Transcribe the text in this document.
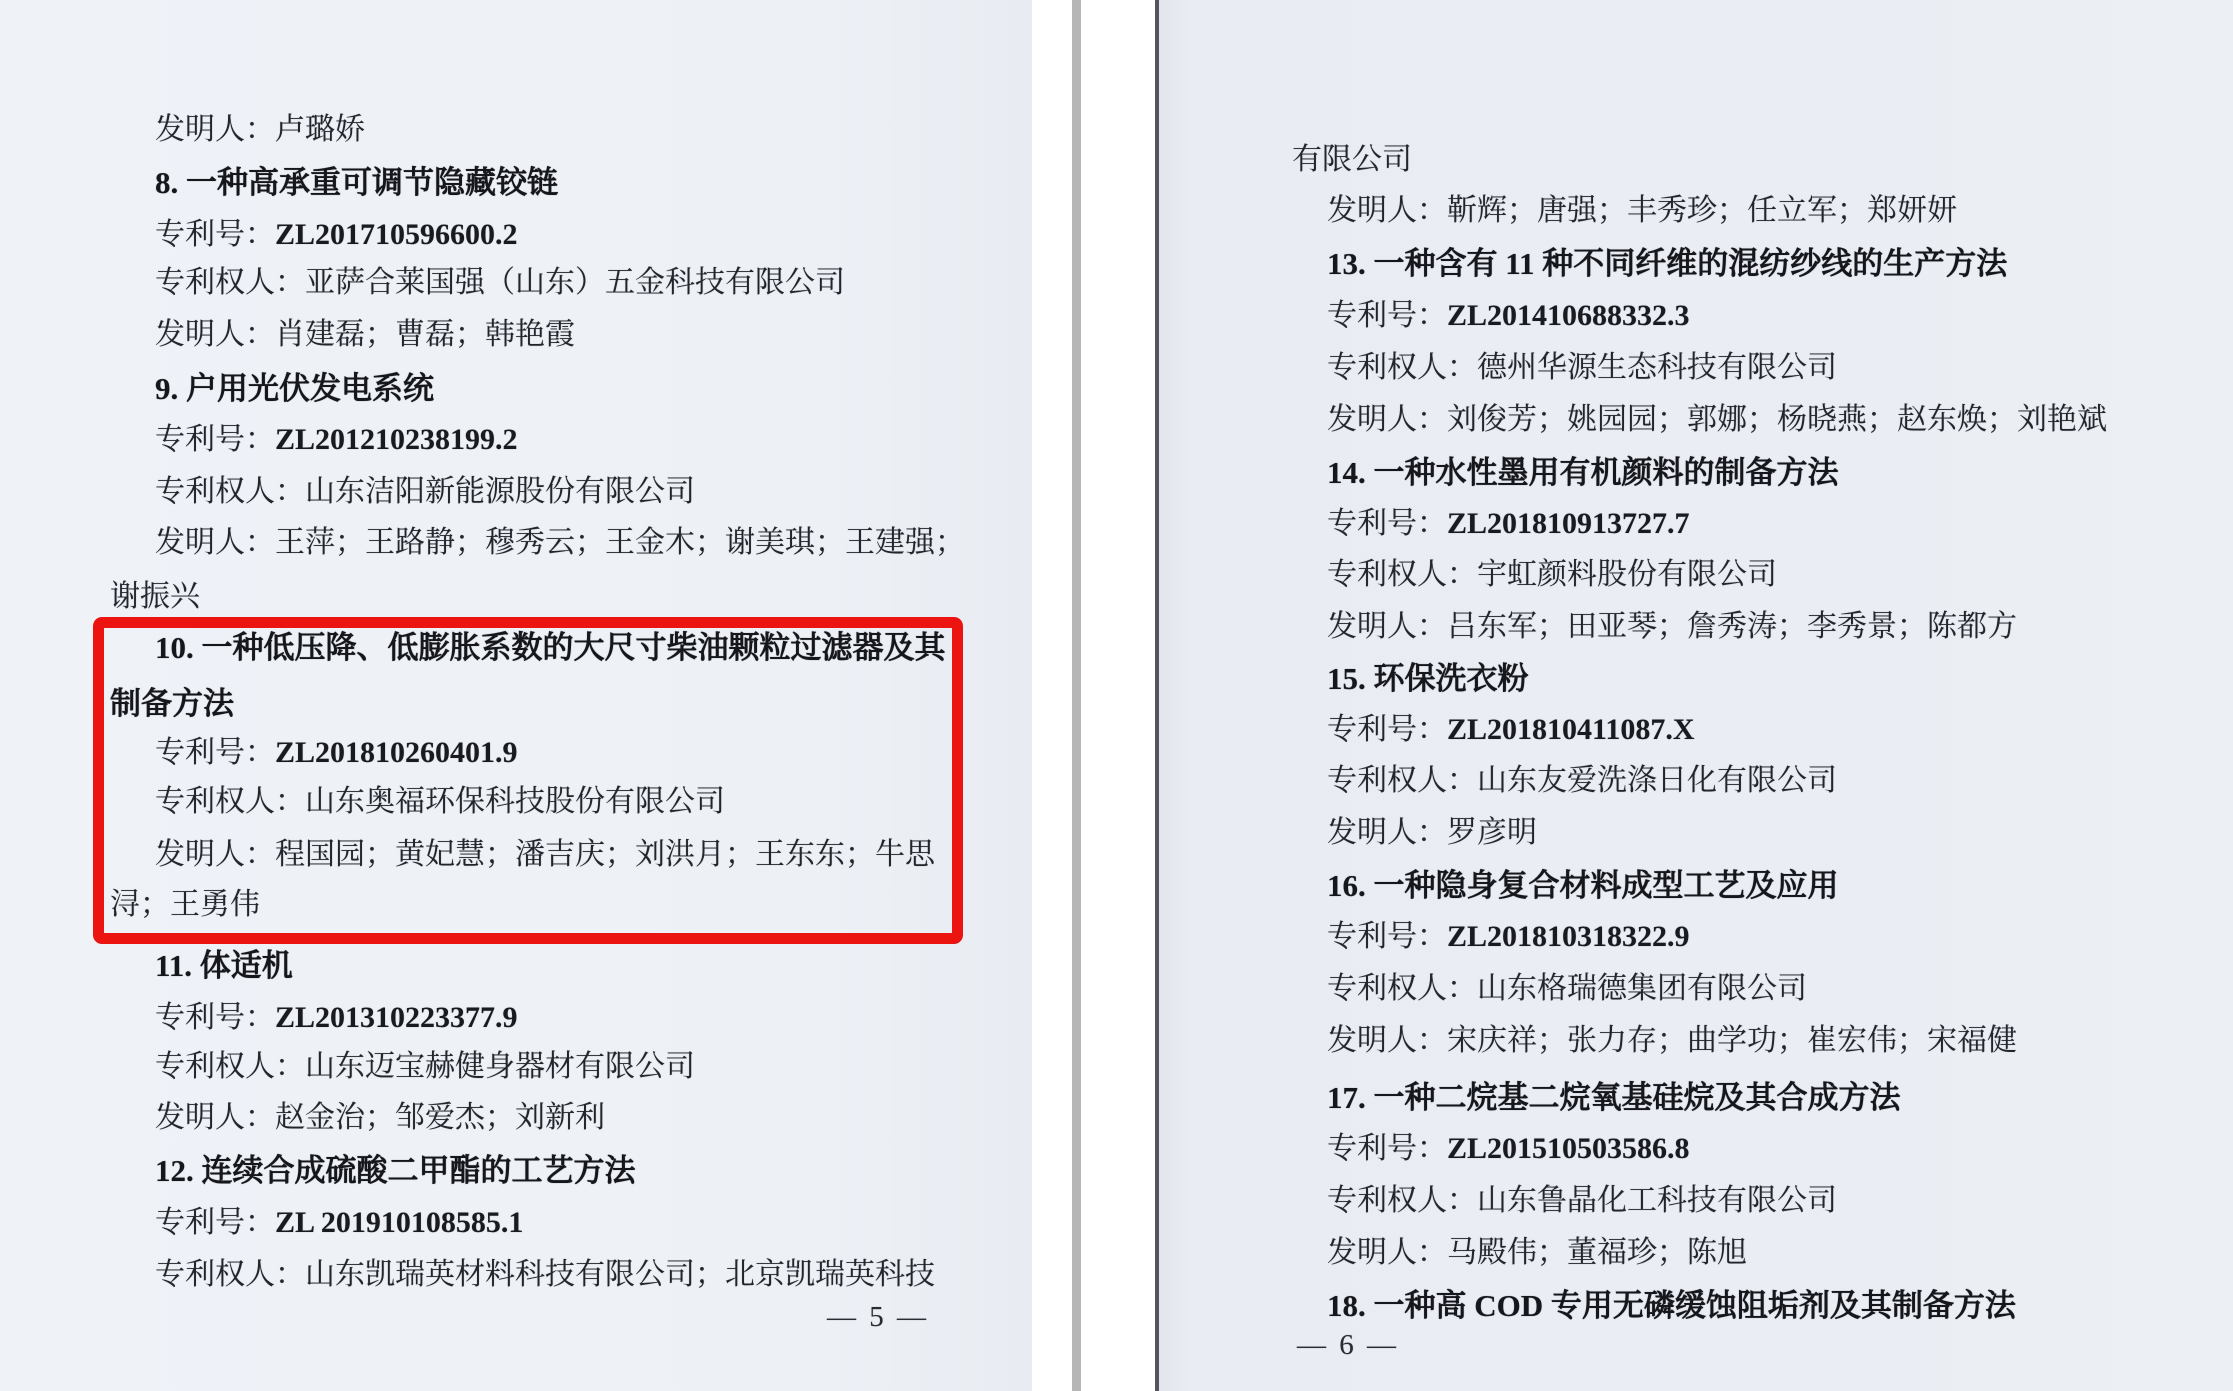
发明人：卢璐娇
8. 一种高承重可调节隐藏铰链
专利号：ZL201710596600.2
专利权人：亚萨合莱国强（山东）五金科技有限公司
发明人：肖建磊；曹磊；韩艳霞
9. 户用光伏发电系统
专利号：ZL201210238199.2
专利权人：山东洁阳新能源股份有限公司
发明人：王萍；王路静；穆秀云；王金木；谢美琪；王建强；
谢振兴
10. 一种低压降、低膨胀系数的大尺寸柴油颗粒过滤器及其
制备方法
专利号：ZL201810260401.9
专利权人：山东奥福环保科技股份有限公司
发明人：程国园；黄妃慧；潘吉庆；刘洪月；王东东；牛思
浔；王勇伟
11. 体适机
专利号：ZL201310223377.9
专利权人：山东迈宝赫健身器材有限公司
发明人：赵金治；邹爱杰；刘新利
12. 连续合成硫酸二甲酯的工艺方法
专利号：ZL 201910108585.1
专利权人：山东凯瑞英材料科技有限公司；北京凯瑞英科技
— 5 —
有限公司
发明人：靳辉；唐强；丰秀珍；任立军；郑妍妍
13. 一种含有 11 种不同纤维的混纺纱线的生产方法
专利号：ZL201410688332.3
专利权人：德州华源生态科技有限公司
发明人：刘俊芳；姚园园；郭娜；杨晓燕；赵东焕；刘艳斌
14. 一种水性墨用有机颜料的制备方法
专利号：ZL201810913727.7
专利权人：宇虹颜料股份有限公司
发明人：吕东军；田亚琴；詹秀涛；李秀景；陈都方
15. 环保洗衣粉
专利号：ZL201810411087.X
专利权人：山东友爱洗涤日化有限公司
发明人：罗彦明
16. 一种隐身复合材料成型工艺及应用
专利号：ZL201810318322.9
专利权人：山东格瑞德集团有限公司
发明人：宋庆祥；张力存；曲学功；崔宏伟；宋福健
17. 一种二烷基二烷氧基硅烷及其合成方法
专利号：ZL201510503586.8
专利权人：山东鲁晶化工科技有限公司
发明人：马殿伟；董福珍；陈旭
18. 一种高 COD 专用无磷缓蚀阻垢剂及其制备方法
— 6 —
